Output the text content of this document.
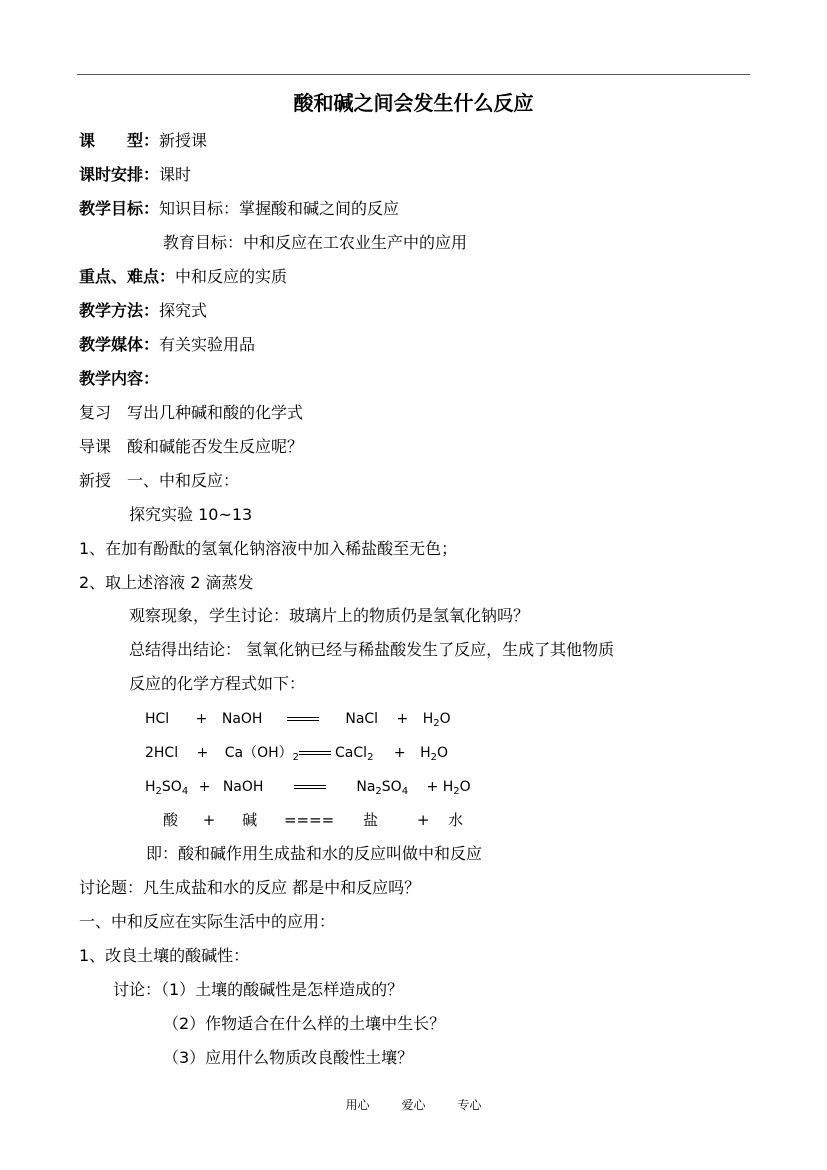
酸和碱之间会发生什么反应
课　　型：新授课
课时安排：课时
教学目标：知识目标：掌握酸和碱之间的反应
教育目标：中和反应在工农业生产中的应用
重点、难点：中和反应的实质
教学方法：探究式
教学媒体：有关实验用品
教学内容：
复习　写出几种碱和酸的化学式
导课　酸和碱能否发生反应呢？
新授　一、中和反应：
探究实验 10~13
1、在加有酚酞的氢氧化钠溶液中加入稀盐酸至无色；
2、取上述溶液 2 滴蒸发
观察现象，学生讨论：玻璃片上的物质仍是氢氧化钠吗？
总结得出结论： 氢氧化钠已经与稀盐酸发生了反应，生成了其他物质
反应的化学方程式如下：
HCl + NaOH	NaCl + $H_2O$
$2HCl + Ca(OH)_2$	CaCl$_2$ + $H_2O$
$H_2SO_4$ + NaOH	$Na_2SO_4 + H_2O$
酸 + 碱 ==== 盐	+ 水
即：酸和碱作用生成盐和水的反应叫做中和反应
讨论题：凡生成盐和水的反应 都是中和反应吗？
一、中和反应在实际生活中的应用：
1、改良土壤的酸碱性：
讨论：（1）土壤的酸碱性是怎样造成的？
（2）作物适合在什么样的土壤中生长？
（3）应用什么物质改良酸性土壤？
用心	爱心	专心
